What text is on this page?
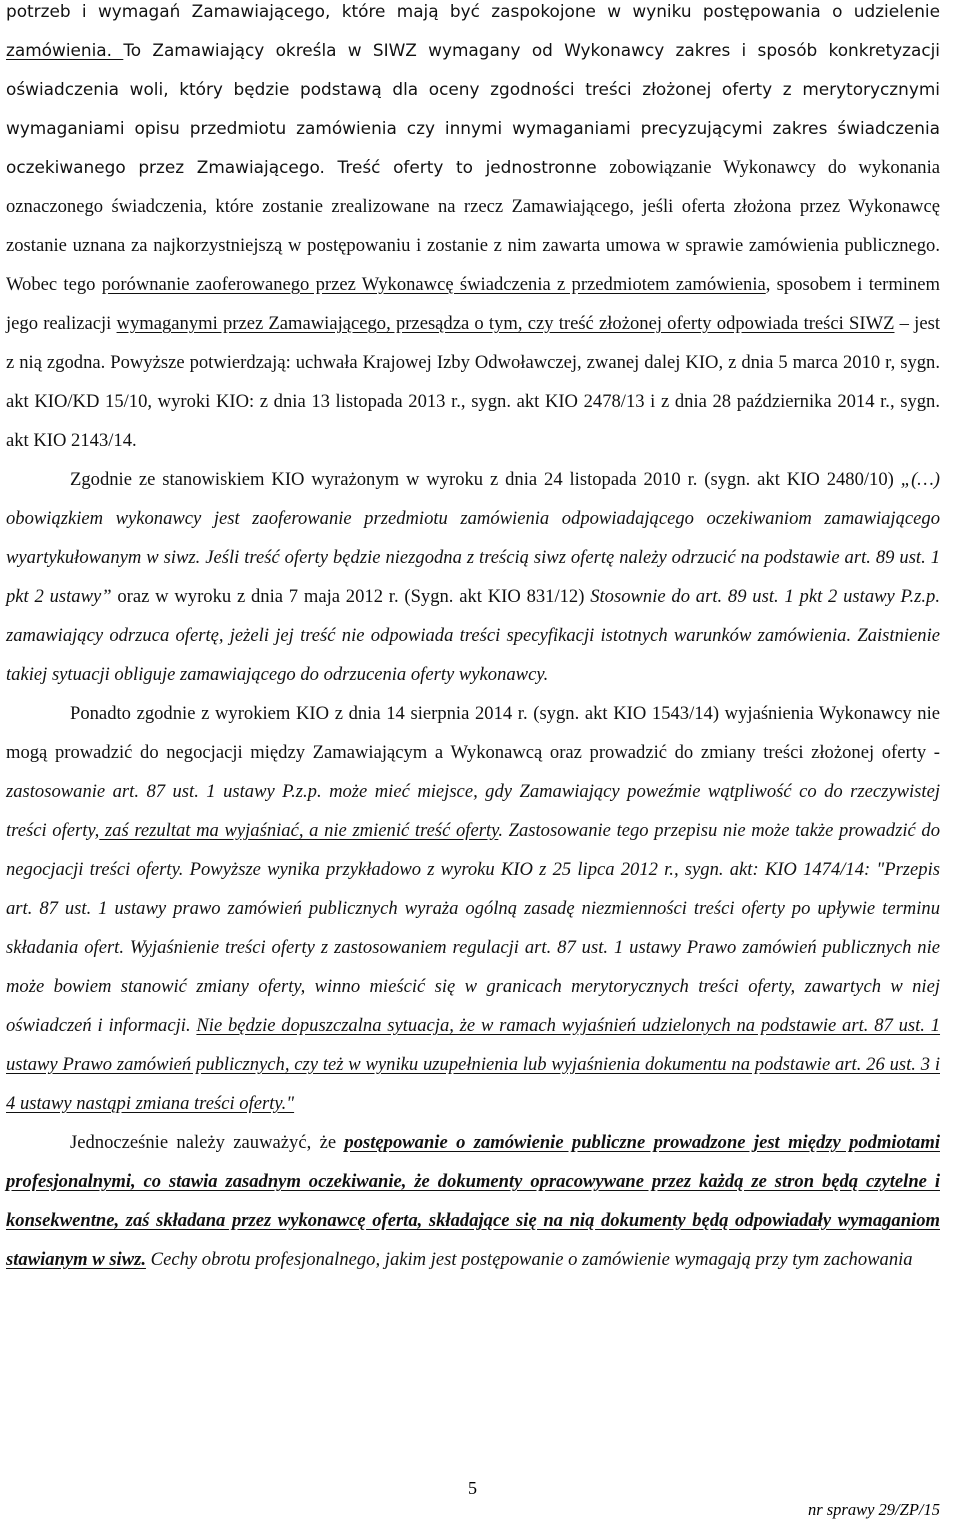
potrzeb i wymagań Zamawiającego, które mają być zaspokojone w wyniku postępowania o udzielenie zamówienia. To Zamawiający określa w SIWZ wymagany od Wykonawcy zakres i sposób konkretyzacji oświadczenia woli, który będzie podstawą dla oceny zgodności treści złożonej oferty z merytorycznymi wymaganiami opisu przedmiotu zamówienia czy innymi wymaganiami precyzującymi zakres świadczenia oczekiwanego przez Zmawiającego. Treść oferty to jednostronne zobowiązanie Wykonawcy do wykonania oznaczonego świadczenia, które zostanie zrealizowane na rzecz Zamawiającego, jeśli oferta złożona przez Wykonawcę zostanie uznana za najkorzystniejszą w postępowaniu i zostanie z nim zawarta umowa w sprawie zamówienia publicznego. Wobec tego porównanie zaoferowanego przez Wykonawcę świadczenia z przedmiotem zamówienia, sposobem i terminem jego realizacji wymaganymi przez Zamawiającego, przesądza o tym, czy treść złożonej oferty odpowiada treści SIWZ – jest z nią zgodna. Powyższe potwierdzają: uchwała Krajowej Izby Odwoławczej, zwanej dalej KIO, z dnia 5 marca 2010 r, sygn. akt KIO/KD 15/10, wyroki KIO: z dnia 13 listopada 2013 r., sygn. akt KIO 2478/13 i z dnia 28 października 2014 r., sygn. akt KIO 2143/14.

Zgodnie ze stanowiskiem KIO wyrażonym w wyroku z dnia 24 listopada 2010 r. (sygn. akt KIO 2480/10) „(…) obowiązkiem wykonawcy jest zaoferowanie przedmiotu zamówienia odpowiadającego oczekiwaniom zamawiającego wyartykułowanym w siwz. Jeśli treść oferty będzie niezgodna z treścią siwz ofertę należy odrzucić na podstawie art. 89 ust. 1 pkt 2 ustawy” oraz w wyroku z dnia 7 maja 2012 r. (Sygn. akt KIO 831/12) Stosownie do art. 89 ust. 1 pkt 2 ustawy P.z.p. zamawiający odrzuca ofertę, jeżeli jej treść nie odpowiada treści specyfikacji istotnych warunków zamówienia. Zaistnienie takiej sytuacji obliguje zamawiającego do odrzucenia oferty wykonawcy.

Ponadto zgodnie z wyrokiem KIO z dnia 14 sierpnia 2014 r. (sygn. akt KIO 1543/14) wyjaśnienia Wykonawcy nie mogą prowadzić do negocjacji między Zamawiającym a Wykonawcą oraz prowadzić do zmiany treści złożonej oferty - zastosowanie art. 87 ust. 1 ustawy P.z.p. może mieć miejsce, gdy Zamawiający poweźmie wątpliwość co do rzeczywistej treści oferty, zaś rezultat ma wyjaśniać, a nie zmienić treść oferty. Zastosowanie tego przepisu nie może także prowadzić do negocjacji treści oferty. Powyższe wynika przykładowo z wyroku KIO z 25 lipca 2012 r., sygn. akt: KIO 1474/14: "Przepis art. 87 ust. 1 ustawy prawo zamówień publicznych wyraża ogólną zasadę niezmienności treści oferty po upływie terminu składania ofert. Wyjaśnienie treści oferty z zastosowaniem regulacji art. 87 ust. 1 ustawy Prawo zamówień publicznych nie może bowiem stanowić zmiany oferty, winno mieścić się w granicach merytorycznych treści oferty, zawartych w niej oświadczeń i informacji. Nie będzie dopuszczalna sytuacja, że w ramach wyjaśnień udzielonych na podstawie art. 87 ust. 1 ustawy Prawo zamówień publicznych, czy też w wyniku uzupełnienia lub wyjaśnienia dokumentu na podstawie art. 26 ust. 3 i 4 ustawy nastąpi zmiana treści oferty."

Jednocześnie należy zauważyć, że postępowanie o zamówienie publiczne prowadzone jest między podmiotami profesjonalnymi, co stawia zasadnym oczekiwanie, że dokumenty opracowywane przez każdą ze stron będą czytelne i konsekwentne, zaś składana przez wykonawcę oferta, składające się na nią dokumenty będą odpowiadały wymaganiom stawianym w siwz. Cechy obrotu profesjonalnego, jakim jest postępowanie o zamówienie wymagają przy tym zachowania

5
nr sprawy 29/ZP/15
